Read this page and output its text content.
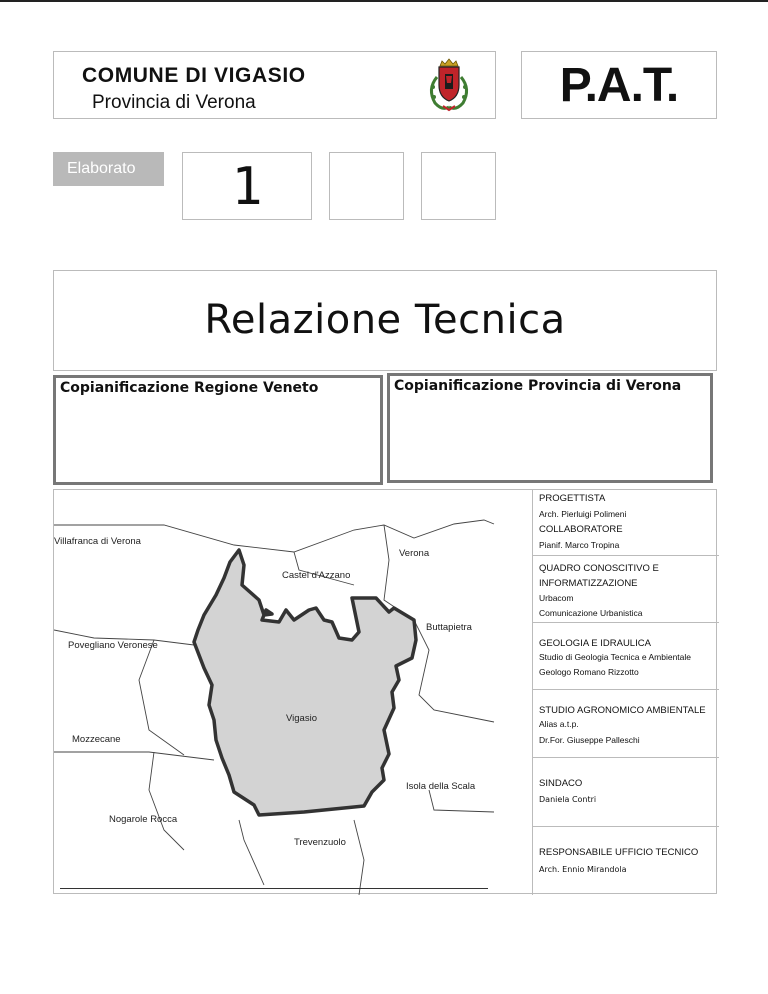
COMUNE DI VIGASIO
Provincia di Verona	P.A.T.
Elaborato	1
Relazione Tecnica
Copianificazione Regione Veneto	Copianificazione Provincia di Verona
Villafranca di Verona
Verona
Castel d'Azzano
Buttapietra
Povegliano Veronese
Vigasio
Mozzecane
Isola della Scala
Nogarole Rocca
Trevenzuolo
PROGETTISTA
Arch. Pierluigi Polimeni
COLLABORATORE
Pianif. Marco Tropina
QUADRO CONOSCITIVO E
INFORMATIZZAZIONE
Urbacom
Comunicazione Urbanistica
GEOLOGIA E IDRAULICA
Studio di Geologia Tecnica e Ambientale
Geologo Romano Rizzotto
STUDIO AGRONOMICO AMBIENTALE
Alias a.t.p.
Dr.For. Giuseppe Palleschi
SINDACO
Daniela Contri
RESPONSABILE UFFICIO TECNICO
Arch. Ennio Mirandola
